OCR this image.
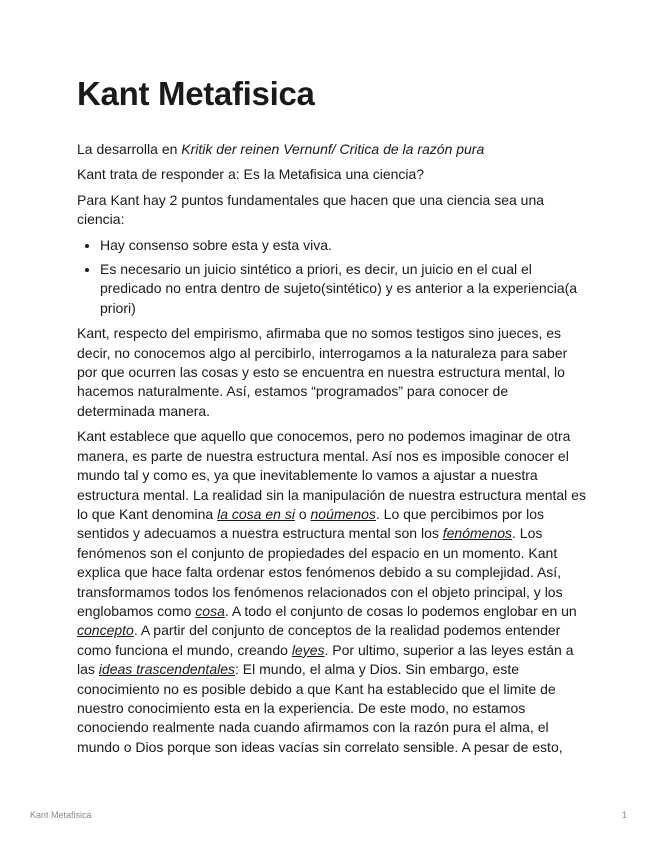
Kant Metafisica

La desarrolla en Kritik der reinen Vernunf/ Critica de la razón pura

Kant trata de responder a: Es la Metafisica una ciencia?

Para Kant hay 2 puntos fundamentales que hacen que una ciencia sea una ciencia:

• Hay consenso sobre esta y esta viva.
• Es necesario un juicio sintético a priori, es decir, un juicio en el cual el predicado no entra dentro de sujeto(sintético) y es anterior a la experiencia(a priori)

Kant, respecto del empirismo, afirmaba que no somos testigos sino jueces, es decir, no conocemos algo al percibirlo, interrogamos a la naturaleza para saber por que ocurren las cosas y esto se encuentra en nuestra estructura mental, lo hacemos naturalmente. Así, estamos “programados” para conocer de determinada manera.

Kant establece que aquello que conocemos, pero no podemos imaginar de otra manera, es parte de nuestra estructura mental. Así nos es imposible conocer el mundo tal y como es, ya que inevitablemente lo vamos a ajustar a nuestra estructura mental. La realidad sin la manipulación de nuestra estructura mental es lo que Kant denomina la cosa en si o noúmenos. Lo que percibimos por los sentidos y adecuamos a nuestra estructura mental son los fenómenos. Los fenómenos son el conjunto de propiedades del espacio en un momento. Kant explica que hace falta ordenar estos fenómenos debido a su complejidad. Así, transformamos todos los fenómenos relacionados con el objeto principal, y los englobamos como cosa. A todo el conjunto de cosas lo podemos englobar en un concepto. A partir del conjunto de conceptos de la realidad podemos entender como funciona el mundo, creando leyes. Por ultimo, superior a las leyes están a las ideas trascendentales: El mundo, el alma y Dios. Sin embargo, este conocimiento no es posible debido a que Kant ha establecido que el limite de nuestro conocimiento esta en la experiencia. De este modo, no estamos conociendo realmente nada cuando afirmamos con la razón pura el alma, el mundo o Dios porque son ideas vacías sin correlato sensible. A pesar de esto,

Kant Metafisica	1
